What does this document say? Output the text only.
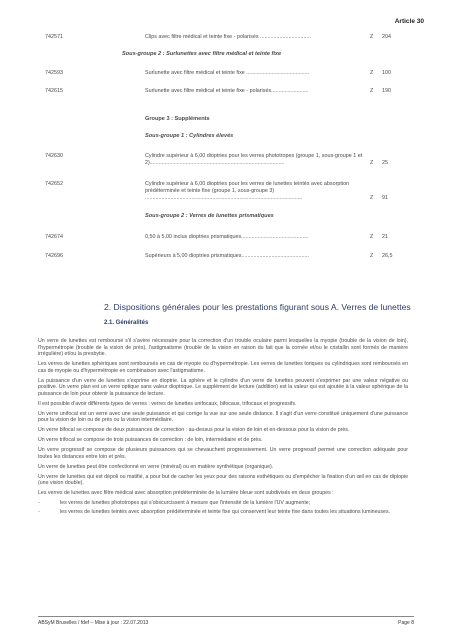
Article 30
742571	Clips avec filtre médical et teinte fixe - polarisés ..................................	Z 204
Sous-groupe 2 : Surlunettes avec filtre médical et teinte fixe
742593	Surlunette avec filtre médical et teinte fixe ..........................................	Z 100
742615	Surlunette avec filtre médical et teinte fixe - polarisés.........................	Z 190
Groupe 3 : Suppléments
Sous-groupe 1 : Cylindres élevés
742630	Cylindre supérieur à 6,00 dioptries pour les verres phototropes (groupe 1, sous-groupe 1 et 2)..........................................................................................	Z 25
742652	Cylindre supérieur à 6,00 dioptries pour les verres de lunettes teintés avec absorption prédéterminée et teinte fixe (groupe 1, sous-groupe 3) .........................................................................................................	Z 91
Sous-groupe 2 : Verres de lunettes prismatiques
742674	0,50 à 5,00 inclus dioptries prismatiques.............................................	Z 21
742696	Supérieurs à 5,00 dioptries prismatiques.............................................	Z 26,5
2. Dispositions générales pour les prestations figurant sous A. Verres de lunettes
2.1. Généralités

Un verre de lunettes est remboursé s'il s'avère nécessaire pour la correction d'un trouble oculaire parmi lesquelles la myopie (trouble de la vision de loin), l'hypermétropie (trouble de la vision de près), l'astigmatisme (trouble de la vision en raison du fait que la cornée et/ou le cristallin sont formés de manière irrégulière) et/ou la presbytie.

Les verres de lunettes sphériques sont remboursés en cas de myopie ou d'hypermétropie. Les verres de lunettes toriques ou cylindriques sont remboursés en cas de myopie ou d'hypermétropie en combinaison avec l'astigmatisme.

La puissance d'un verre de lunettes s'exprime en dioptrie. La sphère et le cylindre d'un verre de lunettes peuvent s'exprimer par une valeur négative ou positive. Un verre plan est un verre optique sans valeur dioptrique. Le supplément de lecture (addition) est la valeur qui est ajoutée à la valeur sphérique de la puissance de loin pour obtenir la puissance de lecture.

Il est possible d'avoir différents types de verres : verres de lunettes unifocaux, bifocaux, trifocaux et progressifs.

Un verre unifocal est un verre avec une seule puissance et qui corrige la vue sur une seule distance. Il s'agit d'un verre constitué uniquement d'une puissance pour la vision de loin ou de près ou la vision intermédiaire.

Un verre bifocal se compose de deux puissances de correction : au-dessus pour la vision de loin et en-dessous pour la vision de près.

Un verre trifocal se compose de trois puissances de correction : de loin, intermédiaire et de près.

Un verre progressif se compose de plusieurs puissances qui se chevauchent progressivement. Un verre progressif permet une correction adéquate pour toutes les distances entre loin et près.

Un verre de lunettes peut être confectionné en verre (minéral) ou en matière synthétique (organique).

Un verre de lunettes qui est dépoli ou matifié, a pour but de cacher les yeux pour des raisons esthétiques ou d'empêcher la fixation d'un œil en cas de diplopie (une vision double).

Les verres de lunettes avec filtre médical avec absorption prédéterminée de la lumière bleue sont subdivisés en deux groupes :

-	les verres de lunettes phototropes qui s'obscurcissent à mesure que l'intensité de la lumière l'UV augmente;
-	les verres de lunettes teintés avec absorption prédéterminée et teinte fixe qui conservent leur teinte fixe dans toutes les situations lumineuses.
ABSyM Bruxelles / fdef – Mise à jour : 22.07.2013	Page 8
